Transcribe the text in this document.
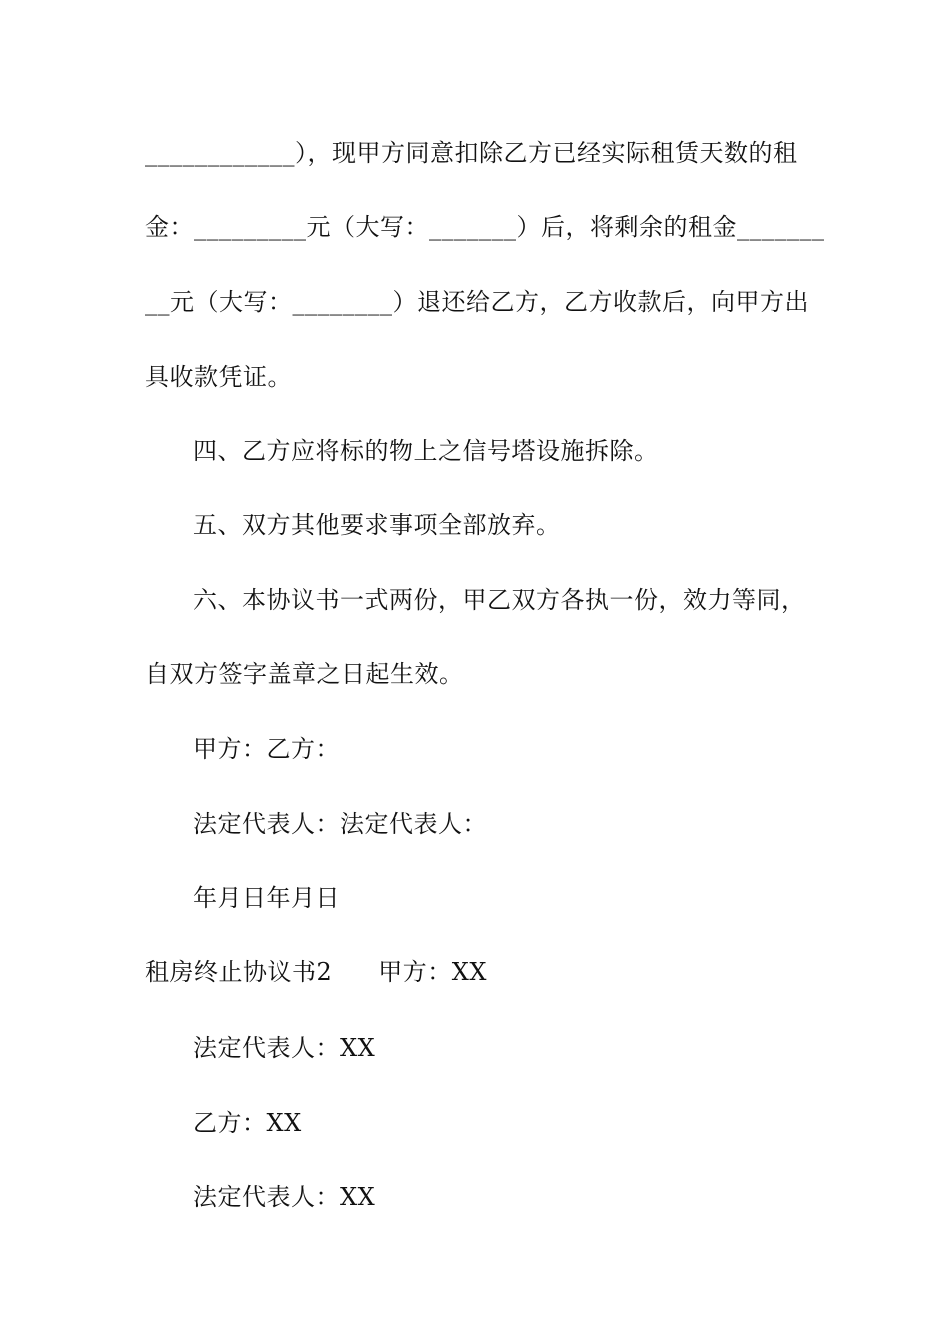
____________），现甲方同意扣除乙方已经实际租赁天数的租
金：_________元（大写：_______）后，将剩余的租金_______
__元（大写：________）退还给乙方，乙方收款后，向甲方出
具收款凭证。
四、乙方应将标的物上之信号塔设施拆除。
五、双方其他要求事项全部放弃。
六、本协议书一式两份，甲乙双方各执一份，效力等同，
自双方签字盖章之日起生效。
甲方：乙方：
法定代表人：法定代表人：
年月日年月日
租房终止协议书2 甲方：XX
法定代表人：XX
乙方：XX
法定代表人：XX
